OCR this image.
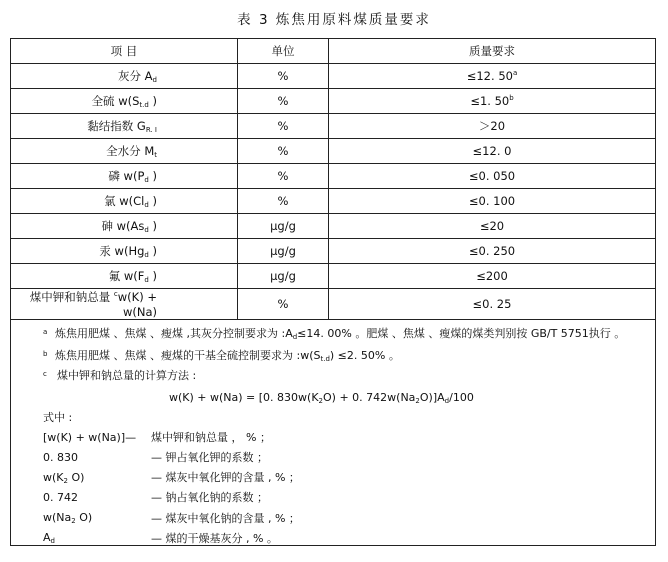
表 3 炼焦用原料煤质量要求
项 目	单位	质量要求
灰分 $A_d$	%	≤12. 50$^a$
全硫 $w(S_{t.d}$ )	%	≤1. 50$^b$
黏结指数 $G_{R. I}$	%	＞20
全水分 $M_t$	%	≤12. 0
磷 $w(P_d$ )	%	≤0. 050
氯 $w(Cl_d$ )	%	≤0. 100
砷 $w(As_d$ )	μg/g	≤20
汞 $w(Hg_d$ )	μg/g	≤0. 250
氟 $w(F_d$ )	μg/g	≤200
煤中钾和钠总量 $^c$w(K) + w(Na)	%	≤0. 25
a 炼焦用肥煤 、焦煤 、瘦煤 ,其灰分控制要求为 $:A_d\le 14$. 00% 。肥煤 、焦煤 、瘦煤的煤类判别按 GB/T 5751执行 。
b 炼焦用肥煤 、焦煤 、瘦煤的干基全硫控制要求为 $:w(S_{t.d}) \le 2$. 50% 。
c 煤中钾和钠总量的计算方法 :
w(K) + w(Na) = [0. $830w(K_2O) + 0$. $742w(Na_2O)]A_d/100$
式中 :
[w(K) + w(Na)]— 煤中钾和钠总量 ， % ；
0. 830	— 钾占氧化钾的系数 ；
$w(K_2$ O)	— 煤灰中氧化钾的含量 , % ；
0. 742	— 钠占氧化钠的系数 ；
$w(Na_2$ O)	— 煤灰中氧化钠的含量 , % ；
$A_d$	— 煤的干燥基灰分 , % 。
